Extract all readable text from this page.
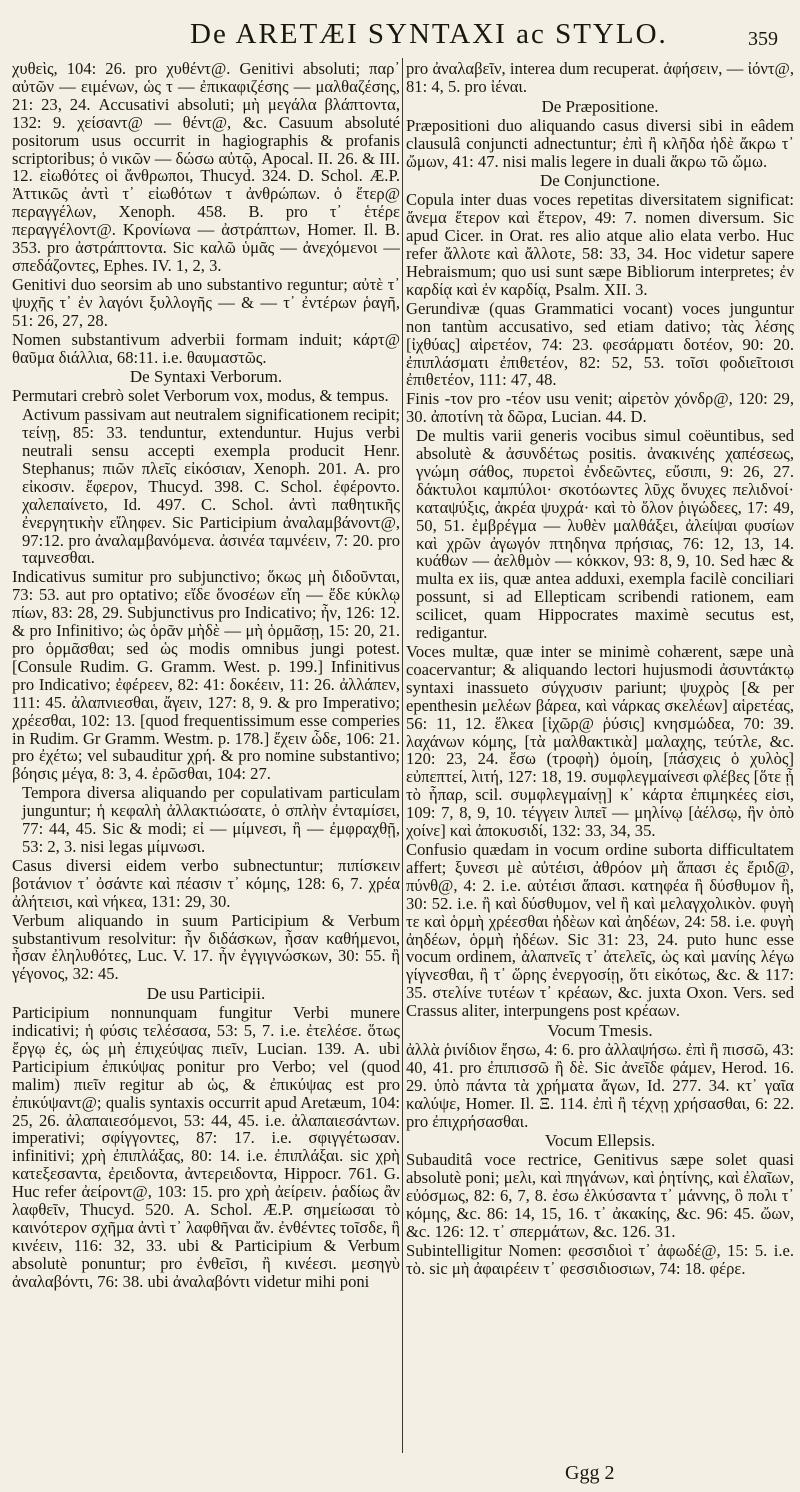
De ARETÆI SYNTAXI ac STYLO.	359

χυθεὶς, 104: 26. pro χυθέντ@. Genitivi absoluti; παρ᾽ αὐτῶν — ειμένων, ὡς τ — ἐπικαφιζέσης — μαλθαζέσης, 21: 23, 24. Accusativi absoluti; μὴ μεγάλα βλάπτοντα, 132: 9. χείσαντ@ — θέντ@, &c. Casuum absoluté positorum usus occurrit in hagiographis & profanis scriptoribus; ὁ νικῶν — δώσω αὐτῷ, Apocal. II. 26. & III. 12. εἰωθότες οἱ ἄνθρωποι, Thucyd. 324. D. Schol. Æ.P. Ἀττικῶς ἀντὶ τ᾽ εἰωθότων τ ἀνθρώπων. ὁ ἕτερ@ περαγγέλων, Xenoph. 458. B. pro τ᾽ ἑτέρε περαγγέλοντ@. Κρονίωνα — ἀστράπτων, Homer. Il. B. 353. pro ἀστράπτοντα. Sic καλῶ ὑμᾶς — ἀνεχόμενοι — σπεδάζοντες, Ephes. IV. 1, 2, 3.

Genitivi duo seorsim ab uno substantivo reguntur; αὐτὲ τ᾽ ψυχῆς τ᾽ ἐν λαγόνι ξυλλογῆς — & — τ᾽ ἐντέρων ῥαγῆ, 51: 26, 27, 28.

Nomen substantivum adverbii formam induit; κάρτ@ θαῦμα διάλλια, 68:11. i.e. θαυμαστῶς.

De Syntaxi Verborum.

Permutari crebrò solet Verborum vox, modus, & tempus.

Activum passivam aut neutralem significationem recipit; τείνῃ, 85: 33. tenduntur, extenduntur. Hujus verbi neutrali sensu accepti exempla producit Henr. Stephanus; πιῶν πλεῖς εἰκόσιαν, Xenoph. 201. A. pro εἰκοσιν. ἔφερον, Thucyd. 398. C. Schol. ἐφέροντο. χαλεπαίνετο, Id. 497. C. Schol. ἀντὶ παθητικῆς ἐνεργητικὴν εἴληφεν. Sic Participium ἀναλαμβάνοντ@, 97:12. pro ἀναλαμβανόμενα. ἀσινέα ταμνέειν, 7: 20. pro ταμνεσθαι.

Indicativus sumitur pro subjunctivo; ὅκως μὴ διδοῦνται, 73: 53. aut pro optativo; εἴδε ὅνοσέων εἴη — ἔδε κύκλῳ πίων, 83: 28, 29. Subjunctivus pro Indicativo; ἦν, 126: 12. & pro Infinitivo; ὡς ὁρᾶν μὴδὲ — μὴ ὁρμᾶσῃ, 15: 20, 21. pro ὁρμᾶσθαι; sed ὡς modis omnibus jungi potest. [Consule Rudim. G. Gramm. West. p. 199.] Infinitivus pro Indicativo; ἐφέρεεν, 82: 41: δοκέειν, 11: 26. ἀλλάπεν, 111: 45. ἀλαπνιεσθαι, ἄγειν, 127: 8, 9. & pro Imperativo; χρέεσθαι, 102: 13. [quod frequentissimum esse comperies in Rudim. Gr Gramm. Westm. p. 178.] ἔχειν ὧδε, 106: 21. pro ἐχέτω; vel subauditur χρή. & pro nomine substantivo; βόησις μέγα, 8: 3, 4. ἐρῶσθαι, 104: 27.

Tempora diversa aliquando per copulativam particulam junguntur; ἡ κεφαλὴ ἀλλακτιώσατε, ὁ σπλὴν ἐνταμίσει, 77: 44, 45. Sic & modi; εἰ — μίμνεσι, ἢ — ἐμφραχθῇ, 53: 2, 3. nisi legas μίμνωσι.

Casus diversi eidem verbo subnectuntur; πιπίσκειν βοτάνιον τ᾽ ὀσάντε καὶ πέασιν τ᾽ κόμης, 128: 6, 7. χρέα ἀλήτεισι, καὶ νήκεα, 131: 29, 30.

Verbum aliquando in suum Participium & Verbum substantivum resolvitur: ἦν διδάσκων, ἦσαν καθήμενοι, ἦσαν ἐληλυθότες, Luc. V. 17. ἦν ἐγγιγνώσκων, 30: 55. ἢ γέγονος, 32: 45.

De usu Participii.

Participium nonnunquam fungitur Verbi munere indicativi; ἡ φύσις τελέσασα, 53: 5, 7. i.e. ἐτελέσε. ὅτως ἔργῳ ἐς, ὡς μὴ ἐπιχεύψας πιεῖν, Lucian. 139. A. ubi Participium ἐπικύψας ponitur pro Verbo; vel (quod malim) πιεῖν regitur ab ὡς, & ἐπικύψας est pro ἐπικύψαντ@; qualis syntaxis occurrit apud Aretæum, 104: 25, 26. ἀλαπαιεσόμενοι, 53: 44, 45. i.e. ἀλαπαιεσάντων. imperativi; σφίγγοντες, 87: 17. i.e. σφιγγέτωσαν. infinitivi; χρὴ ἐπιπλάξας, 80: 14. i.e. ἐπιπλάξαι. sic χρὴ κατεξεσαντα, ἐρειδοντα, ἀντερειδοντα, Hippocr. 761. G. Huc refer ἀείροντ@, 103: 15. pro χρὴ ἀείρειν. ῥαδίως ἂν λαφθεῖν, Thucyd. 520. A. Schol. Æ.P. σημείωσαι τὸ καινότερον σχῆμα ἀντὶ τ᾽ λαφθῆναι ἄν. ἐνθέντες τοῖσδε, ἢ κινέειν, 116: 32, 33. ubi & Participium & Verbum absolutè ponuntur; pro ἐνθεῖσι, ἢ κινέεσι. μεσηγὺ ἀναλαβόντι, 76: 38. ubi ἀναλαβόντι videtur mihi poni

pro ἀναλαβεῖν, interea dum recuperat. ἀφήσειν, — ἰόντ@, 81: 4, 5. pro ἰέναι.

De Præpositione.

Præpositioni duo aliquando casus diversi sibi in eâdem clausulâ conjuncti adnectuntur; ἐπὶ ἢ κλῆδα ἠδὲ ἄκρω τ᾽ ὤμων, 41: 47. nisi malis legere in duali ἄκρω τῶ ὤμω.

De Conjunctione.

Copula inter duas voces repetitas diversitatem significat: ἄνεμα ἕτερον καὶ ἕτερον, 49: 7. nomen diversum. Sic apud Cicer. in Orat. res alio atque alio elata verbo. Huc refer ἄλλοτε καὶ ἄλλοτε, 58: 33, 34. Hoc videtur sapere Hebraismum; quo usi sunt sæpe Bibliorum interpretes; ἐν καρδίᾳ καὶ ἐν καρδίᾳ, Psalm. XII. 3.

Gerundivæ (quas Grammatici vocant) voces junguntur non tantùm accusativo, sed etiam dativo; τὰς λέσης [ἰχθύας] αἱρετέον, 74: 23. φεσάρματι δοτέον, 90: 20. ἐπιπλάσματι ἐπιθετέον, 82: 52, 53. τοῖσι φοδιεῖτοισι ἐπιθετέον, 111: 47, 48.

Finis -τον pro -τέον usu venit; αἱρετὸν χόνδρ@, 120: 29, 30. ἀποτίνη τὰ δῶρα, Lucian. 44. D.

De multis varii generis vocibus simul coëuntibus, sed absolutè & ἀσυνδέτως positis. ἀνακινέης χαπέσεως, γνώμη σάθος, πυρετοὶ ἐνδεῶντες, εὔσιπι, 9: 26, 27. δάκτυλοι καμπύλοι· σκοτόωντες λῦχς ὄνυχες πελιδνοί· καταψύξις, ἀκρέα ψυχρά· καὶ τὸ ὅλον ῥιγώδεες, 17: 49, 50, 51. ἐμβρέγμα — λυθὲν μαλθάξει, ἀλείψαι φυσίων καὶ χρῶν ἀγωγόν πτηδηνα πρήσιας, 76: 12, 13, 14. κυάθων — ἀελθμὸν — κόκκον, 93: 8, 9, 10. Sed hæc & multa ex iis, quæ antea adduxi, exempla facilè conciliari possunt, si ad Ellepticam scribendi rationem, eam scilicet, quam Hippocrates maximè secutus est, redigantur.

Voces multæ, quæ inter se minimè cohærent, sæpe unà coacervantur; & aliquando lectori hujusmodi ἀσυντάκτῳ syntaxi inassueto σύγχυσιν pariunt; ψυχρὸς [& per epenthesin μελέων βάρεα, καὶ νάρκας σκελέων] αἱρετέας, 56: 11, 12. ἕλκεα [ἰχῶρ@ ῥύσις] κνησμώδεα, 70: 39. λαχάνων κόμης, [τὰ μαλθακτικὰ] μαλαχης, τεύτλε, &c. 120: 23, 24. ἔσω (τροφὴ) ὁμοίη, [πάσχεις ὁ χυλὸς] εὐπεπτεί, λιτή, 127: 18, 19. συμφλεγμαίνεσι φλέβες [ὅτε ᾖ τὸ ἧπαρ, scil. συμφλεγμαίνῃ] κ᾽ κάρτα ἐπιμηκέες εἰσι, 109: 7, 8, 9, 10. τέγγειν λιπεῖ — μηλίνῳ [ἀέλσῳ, ἢν ὁπὸ χοίνε] καὶ ἀποκυσιδί, 132: 33, 34, 35.

Confusio quædam in vocum ordine suborta difficultatem affert; ξυνεσι μὲ αὐτέισι, ἀθρόον μὴ ἅπασι ἐς ἔριδ@, πύνθ@, 4: 2. i.e. αὐτέισι ἅπασι. κατηφέα ἢ δύσθυμον ἢ, 30: 52. i.e. ἢ καὶ δύσθυμον, vel ἢ καὶ μελαγχολικὸν. φυγὴ τε καὶ ὁρμὴ χρέεσθαι ἠδὲων καὶ ἀηδέων, 24: 58. i.e. φυγὴ ἀηδέων, ὁρμὴ ἠδέων. Sic 31: 23, 24. puto hunc esse vocum ordinem, ἀλαπνεῖς τ᾽ ἀτελεῖς, ὡς καὶ μανίης λέγω γίγνεσθαι, ἢ τ᾽ ὥρης ἐνεργοσίῃ, ὅτι εἰκότως, &c. & 117: 35. στελίνε τυτέων τ᾽ κρέαων, &c. juxta Oxon. Vers. sed Crassus aliter, interpungens post κρέαων.

Vocum Tmesis.

ἀλλὰ ῥινίδιον ἔησω, 4: 6. pro ἀλλαψήσω. ἐπὶ ἢ πισσῶ, 43: 40, 41. pro ἐπιπισσῶ ἢ δὲ. Sic ἀνεῖδε φάμεν, Herod. 16. 29. ὑπὸ πάντα τὰ χρήματα ἄγων, Id. 277. 34. κτ᾽ γαῖα καλύψε, Homer. Il. Ξ. 114. ἐπὶ ἢ τέχνῃ χρήσασθαι, 6: 22. pro ἐπιχρήσασθαι.

Vocum Ellepsis.

Subauditâ voce rectrice, Genitivus sæpe solet quasi absolutè poni; μελι, καὶ πηγάνων, καὶ ῥητίνης, καὶ ἐλαῖων, εὐόσμως, 82: 6, 7, 8. ἐσω ἐλκύσαντα τ᾽ μάννης, ὃ πολι τ᾽ κόμης, &c. 86: 14, 15, 16. τ᾽ ἀκακίης, &c. 96: 45. ὤων, &c. 126: 12. τ᾽ σπερμάτων, &c. 126. 31.

Subintelligitur Nomen: φεσσιδιοὶ τ᾽ ἀφωδέ@, 15: 5. i.e. τὸ. sic μὴ ἀφαιρέειν τ᾽ φεσσιδιοσιων, 74: 18. φέρε.

Ggg 2
